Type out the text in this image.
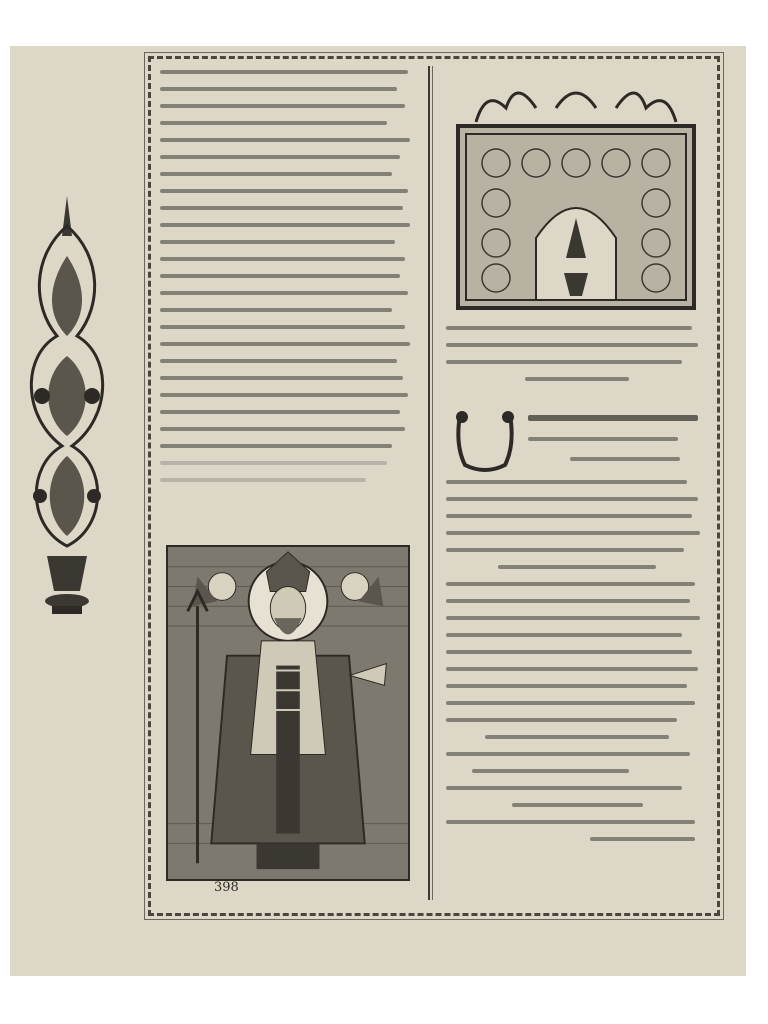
398
